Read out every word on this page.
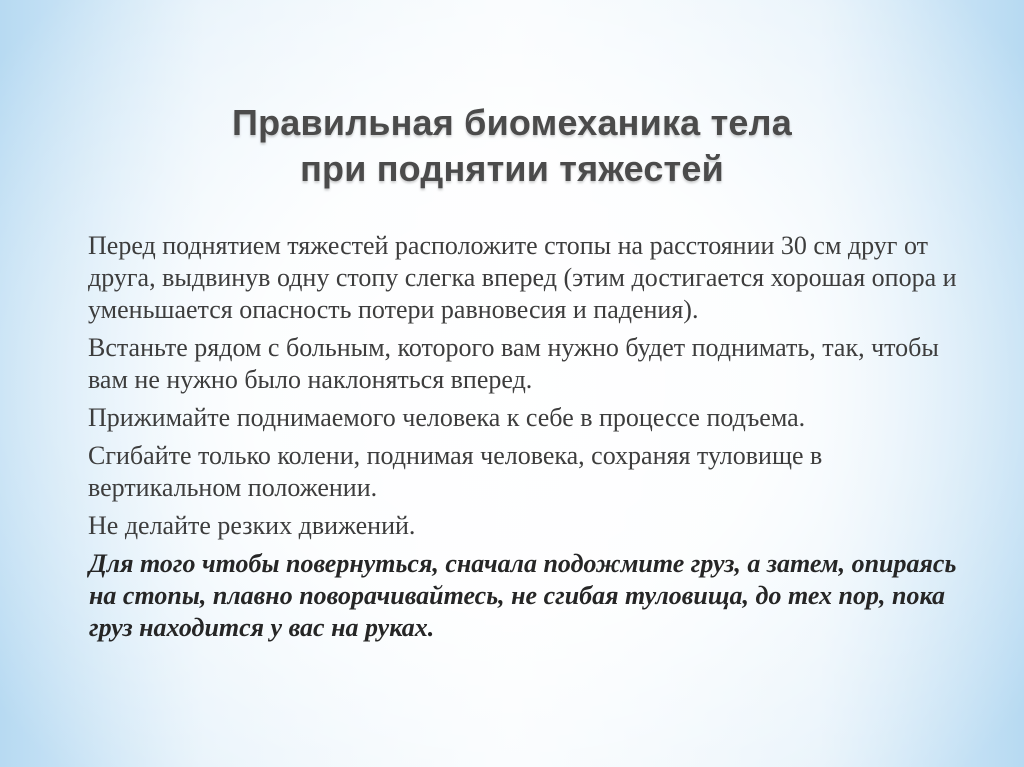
Правильная биомеханика тела
при поднятии тяжестей
Перед поднятием тяжестей расположите стопы на расстоянии 30 см друг от друга, выдвинув одну стопу слегка вперед (этим достигается хорошая опора и уменьшается опасность потери равновесия и падения).
Встаньте рядом с больным, которого вам нужно будет поднимать, так, чтобы вам не нужно было наклоняться вперед.
Прижимайте поднимаемого человека к себе в процессе подъема.
Сгибайте только колени, поднимая человека, сохраняя туловище в вертикальном положении.
Не делайте резких движений.
Для того чтобы повернуться, сначала подожмите груз, а затем, опираясь на стопы, плавно поворачивайтесь, не сгибая туловища, до тех пор, пока груз находится у вас на руках.
